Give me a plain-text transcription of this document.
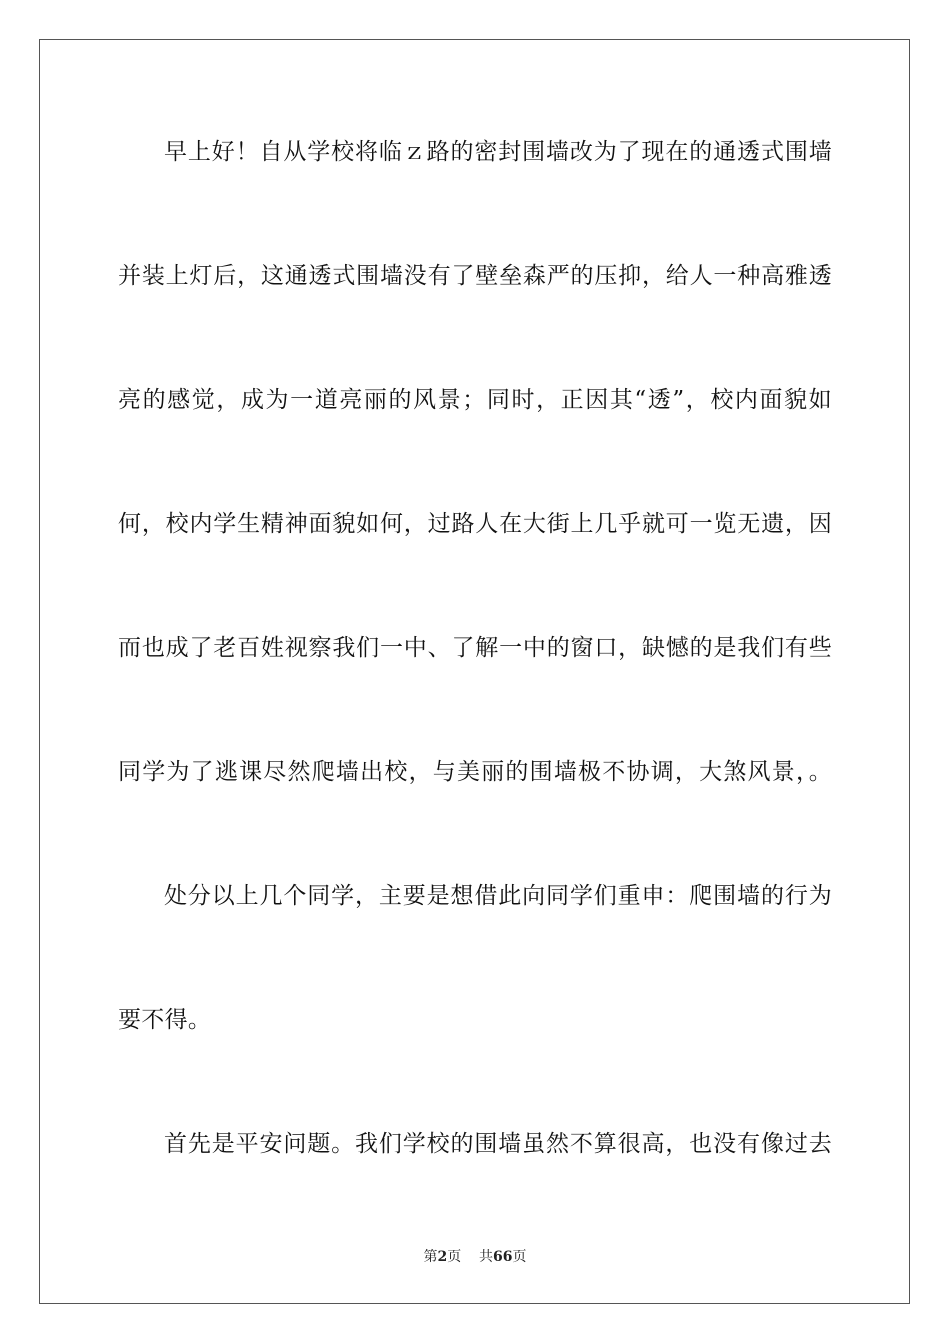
早上好！自从学校将临ｚ路的密封围墙改为了现在的通透式围墙
并装上灯后，这通透式围墙没有了壁垒森严的压抑，给人一种高雅透
亮的感觉，成为一道亮丽的风景；同时，正因其“透”，校内面貌如
何，校内学生精神面貌如何，过路人在大街上几乎就可一览无遗，因
而也成了老百姓视察我们一中、了解一中的窗口，缺憾的是我们有些
同学为了逃课尽然爬墙出校，与美丽的围墙极不协调，大煞风景，。
处分以上几个同学，主要是想借此向同学们重申：爬围墙的行为
要不得。
首先是平安问题。我们学校的围墙虽然不算很高，也没有像过去
第2页 共66页
